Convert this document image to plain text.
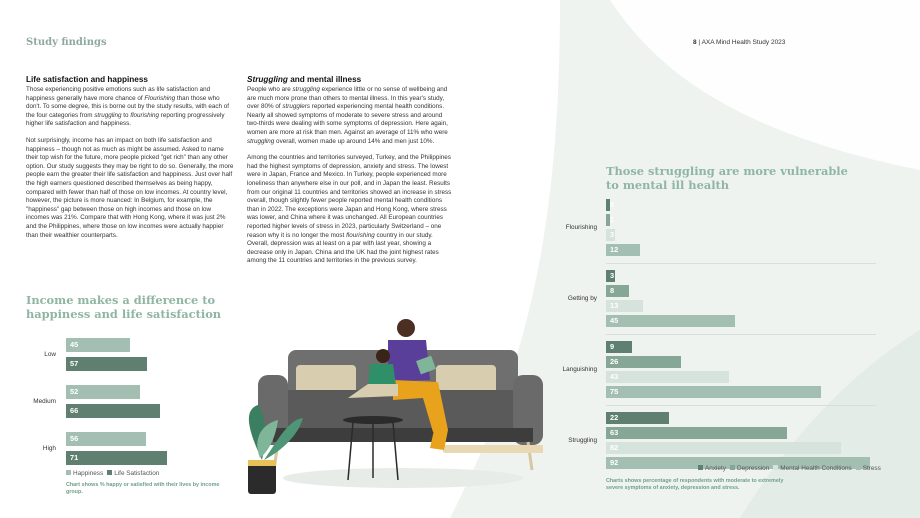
Study findings	8 | AXA Mind Health Study 2023
Life satisfaction and happiness

Those experiencing positive emotions such as life satisfaction and happiness generally have more chance of Flourishing than those who don't. To some degree, this is borne out by the study results, with each of the four categories from struggling to flourishing reporting progressively higher life satisfaction and happiness.

Not surprisingly, income has an impact on both life satisfaction and happiness – though not as much as might be assumed. Asked to name their top wish for the future, more people picked "get rich" than any other option. Our study suggests they may be right to do so. Generally, the more people earn the greater their life satisfaction and happiness. Just over half the high earners questioned described themselves as being happy, compared with fewer than half of those on low incomes. At country level, however, the picture is more nuanced: In Belgium, for example, the "happiness" gap between those on high incomes and those on low incomes was 21%. Compare that with Hong Kong, where it was just 2% and the Philippines, where those on low incomes were actually happier than their wealthier counterparts.

Struggling and mental illness

People who are struggling experience little or no sense of wellbeing and are much more prone than others to mental illness. In this year's study, over 80% of strugglers reported experiencing mental health conditions. Nearly all showed symptoms of moderate to severe stress and around two-thirds were dealing with some symptoms of depression. Here again, women are more at risk than men. Against an average of 11% who were struggling overall, women made up around 14% and men just 10%.

Among the countries and territories surveyed, Turkey, and the Philippines had the highest symptoms of depression, anxiety and stress. The lowest were in Japan, France and Mexico. In Turkey, people experienced more loneliness than anywhere else in our poll, and in Japan the least. Results from our original 11 countries and territories showed an increase in stress overall, though slightly fewer people reported mental health conditions than in 2022. The exceptions were Japan and Hong Kong, where stress was lower, and China where it was unchanged. All European countries reported higher levels of stress in 2023, particularly Switzerland – one reason why it is no longer the most flourishing country in our study. Overall, depression was at least on a par with last year, showing a decrease only in Japan. China and the UK had the joint highest rates among the 11 countries and territories in the previous survey.

Income makes a difference to happiness and life satisfaction
Those struggling are more vulnerable to mental ill health
Low
45
57
Medium
52
66
High
56
71
Flourishing
0
1
3
12
Getting by
3
8
13
45
Languishing
9
26
43
75
Struggling
22
63
82
92
Happiness	Life Satisfaction
Anxiety	Depression	Mental Health Conditions	Stress
Chart shows % happy or satisfied with their lives by income group.
Charts shows percentage of respondents with moderate to extremely severe symptoms of anxiety, depression and stress.
